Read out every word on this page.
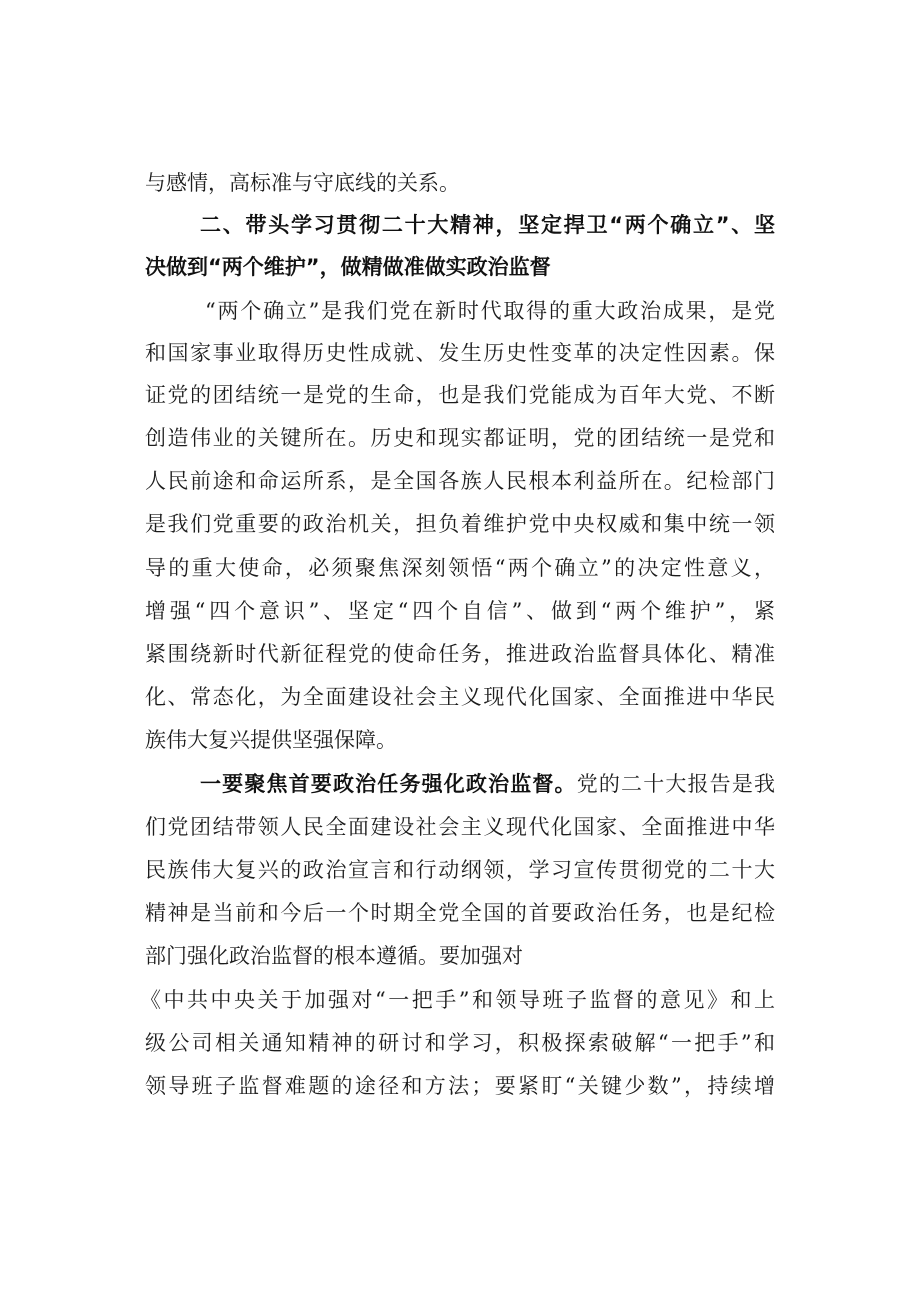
与感情，高标准与守底线的关系。
二、带头学习贯彻二十大精神，坚定捍卫“两个确立”、坚
决做到“两个维护”，做精做准做实政治监督
“两个确立”是我们党在新时代取得的重大政治成果，是党
和国家事业取得历史性成就、发生历史性变革的决定性因素。保
证党的团结统一是党的生命，也是我们党能成为百年大党、不断
创造伟业的关键所在。历史和现实都证明，党的团结统一是党和
人民前途和命运所系，是全国各族人民根本利益所在。纪检部门
是我们党重要的政治机关，担负着维护党中央权威和集中统一领
导的重大使命，必须聚焦深刻领悟“两个确立”的决定性意义，
增强“四个意识”、坚定“四个自信”、做到“两个维护”，紧
紧围绕新时代新征程党的使命任务，推进政治监督具体化、精准
化、常态化，为全面建设社会主义现代化国家、全面推进中华民
族伟大复兴提供坚强保障。
一要聚焦首要政治任务强化政治监督。党的二十大报告是我
们党团结带领人民全面建设社会主义现代化国家、全面推进中华
民族伟大复兴的政治宣言和行动纲领，学习宣传贯彻党的二十大
精神是当前和今后一个时期全党全国的首要政治任务，也是纪检
部门强化政治监督的根本遵循。要加强对
《中共中央关于加强对“一把手”和领导班子监督的意见》和上
级公司相关通知精神的研讨和学习，积极探索破解“一把手”和
领导班子监督难题的途径和方法；要紧盯“关键少数”，持续增
